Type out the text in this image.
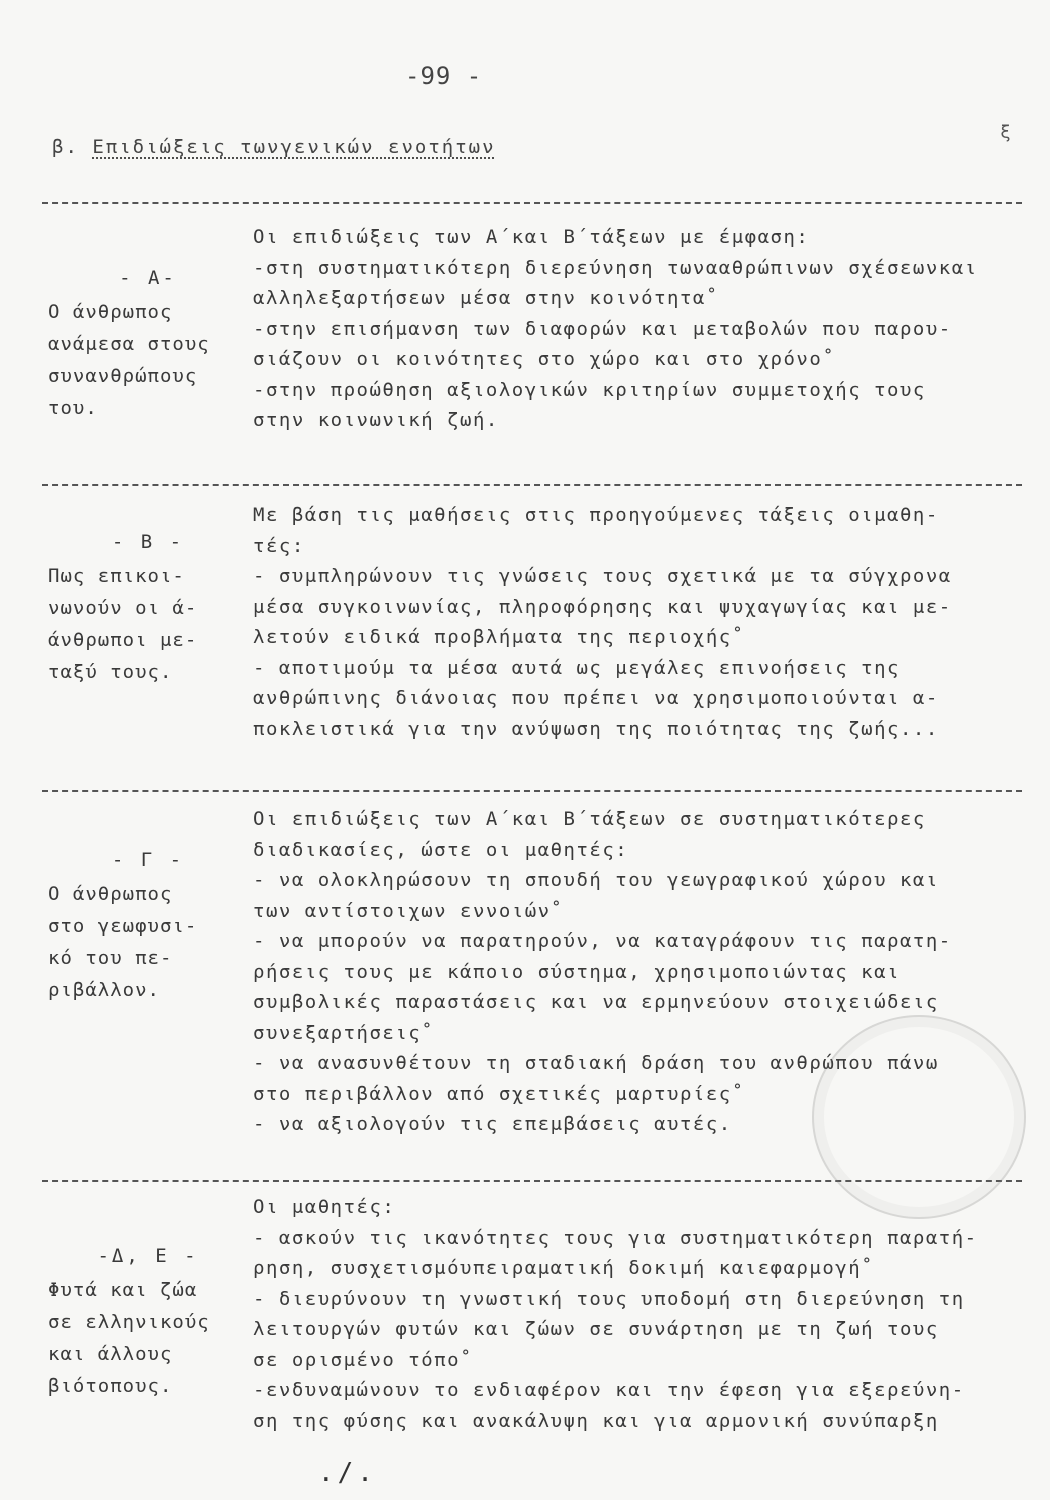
-99 -
β. Επιδιώξεις τωνγενικών ενοτήτων
ξ
- Α-
Ο άνθρωπος
ανάμεσα στους
συνανθρώπους
του.
Οι επιδιώξεις των Α΄και Β΄τάξεων με έμφαση:
-στη συστηματικότερη διερεύνηση τωνααθρώπινων σχέσεωνκαι
αλληλεξαρτήσεων μέσα στην κοινότητα˚
-στην επισήμανση των διαφορών και μεταβολών που παρου-
σιάζουν οι κοινότητες στο χώρο και στο χρόνο˚
-στην προώθηση αξιολογικών κριτηρίων συμμετοχής τους
στην κοινωνική ζωή.
- Β -
Πως επικοι-
νωνούν οι ά-
άνθρωποι με-
ταξύ τους.
Με βάση τις μαθήσεις στις προηγούμενες τάξεις οιμαθη-
τές:
- συμπληρώνουν τις γνώσεις τους σχετικά με τα σύγχρονα
μέσα συγκοινωνίας, πληροφόρησης και ψυχαγωγίας και με-
λετούν ειδικά προβλήματα της περιοχής˚
- αποτιμούμ τα μέσα αυτά ως μεγάλες επινοήσεις της
ανθρώπινης διάνοιας που πρέπει να χρησιμοποιούνται α-
ποκλειστικά για την ανύψωση της ποιότητας της ζωής...
- Γ -
Ο άνθρωπος
στο γεωφυσι-
κό του πε-
ριβάλλον.
Οι επιδιώξεις των Α΄και Β΄τάξεων σε συστηματικότερες
διαδικασίες, ώστε οι μαθητές:
- να ολοκληρώσουν τη σπουδή του γεωγραφικού χώρου και
των αντίστοιχων εννοιών˚
- να μπορούν να παρατηρούν, να καταγράφουν τις παρατη-
ρήσεις τους με κάποιο σύστημα, χρησιμοποιώντας και
συμβολικές παραστάσεις και να ερμηνεύουν στοιχειώδεις
συνεξαρτήσεις˚
- να ανασυνθέτουν τη σταδιακή δράση του ανθρώπου πάνω
στο περιβάλλον από σχετικές μαρτυρίες˚
- να αξιολογούν τις επεμβάσεις αυτές.
-Δ, Ε -
Φυτά και ζώα
σε ελληνικούς
και άλλους
βιότοπους.
Οι μαθητές:
- ασκούν τις ικανότητες τους για συστηματικότερη παρατή-
ρηση, συσχετισμόυπειραματική δοκιμή καιεφαρμογή˚
- διευρύνουν τη γνωστική τους υποδομή στη διερεύνηση τη
λειτουργών φυτών και ζώων σε συνάρτηση με τη ζωή τους
σε ορισμένο τόπο˚
-ενδυναμώνουν το ενδιαφέρον και την έφεση για εξερεύνη-
ση της φύσης και ανακάλυψη και για αρμονική συνύπαρξη
./.
